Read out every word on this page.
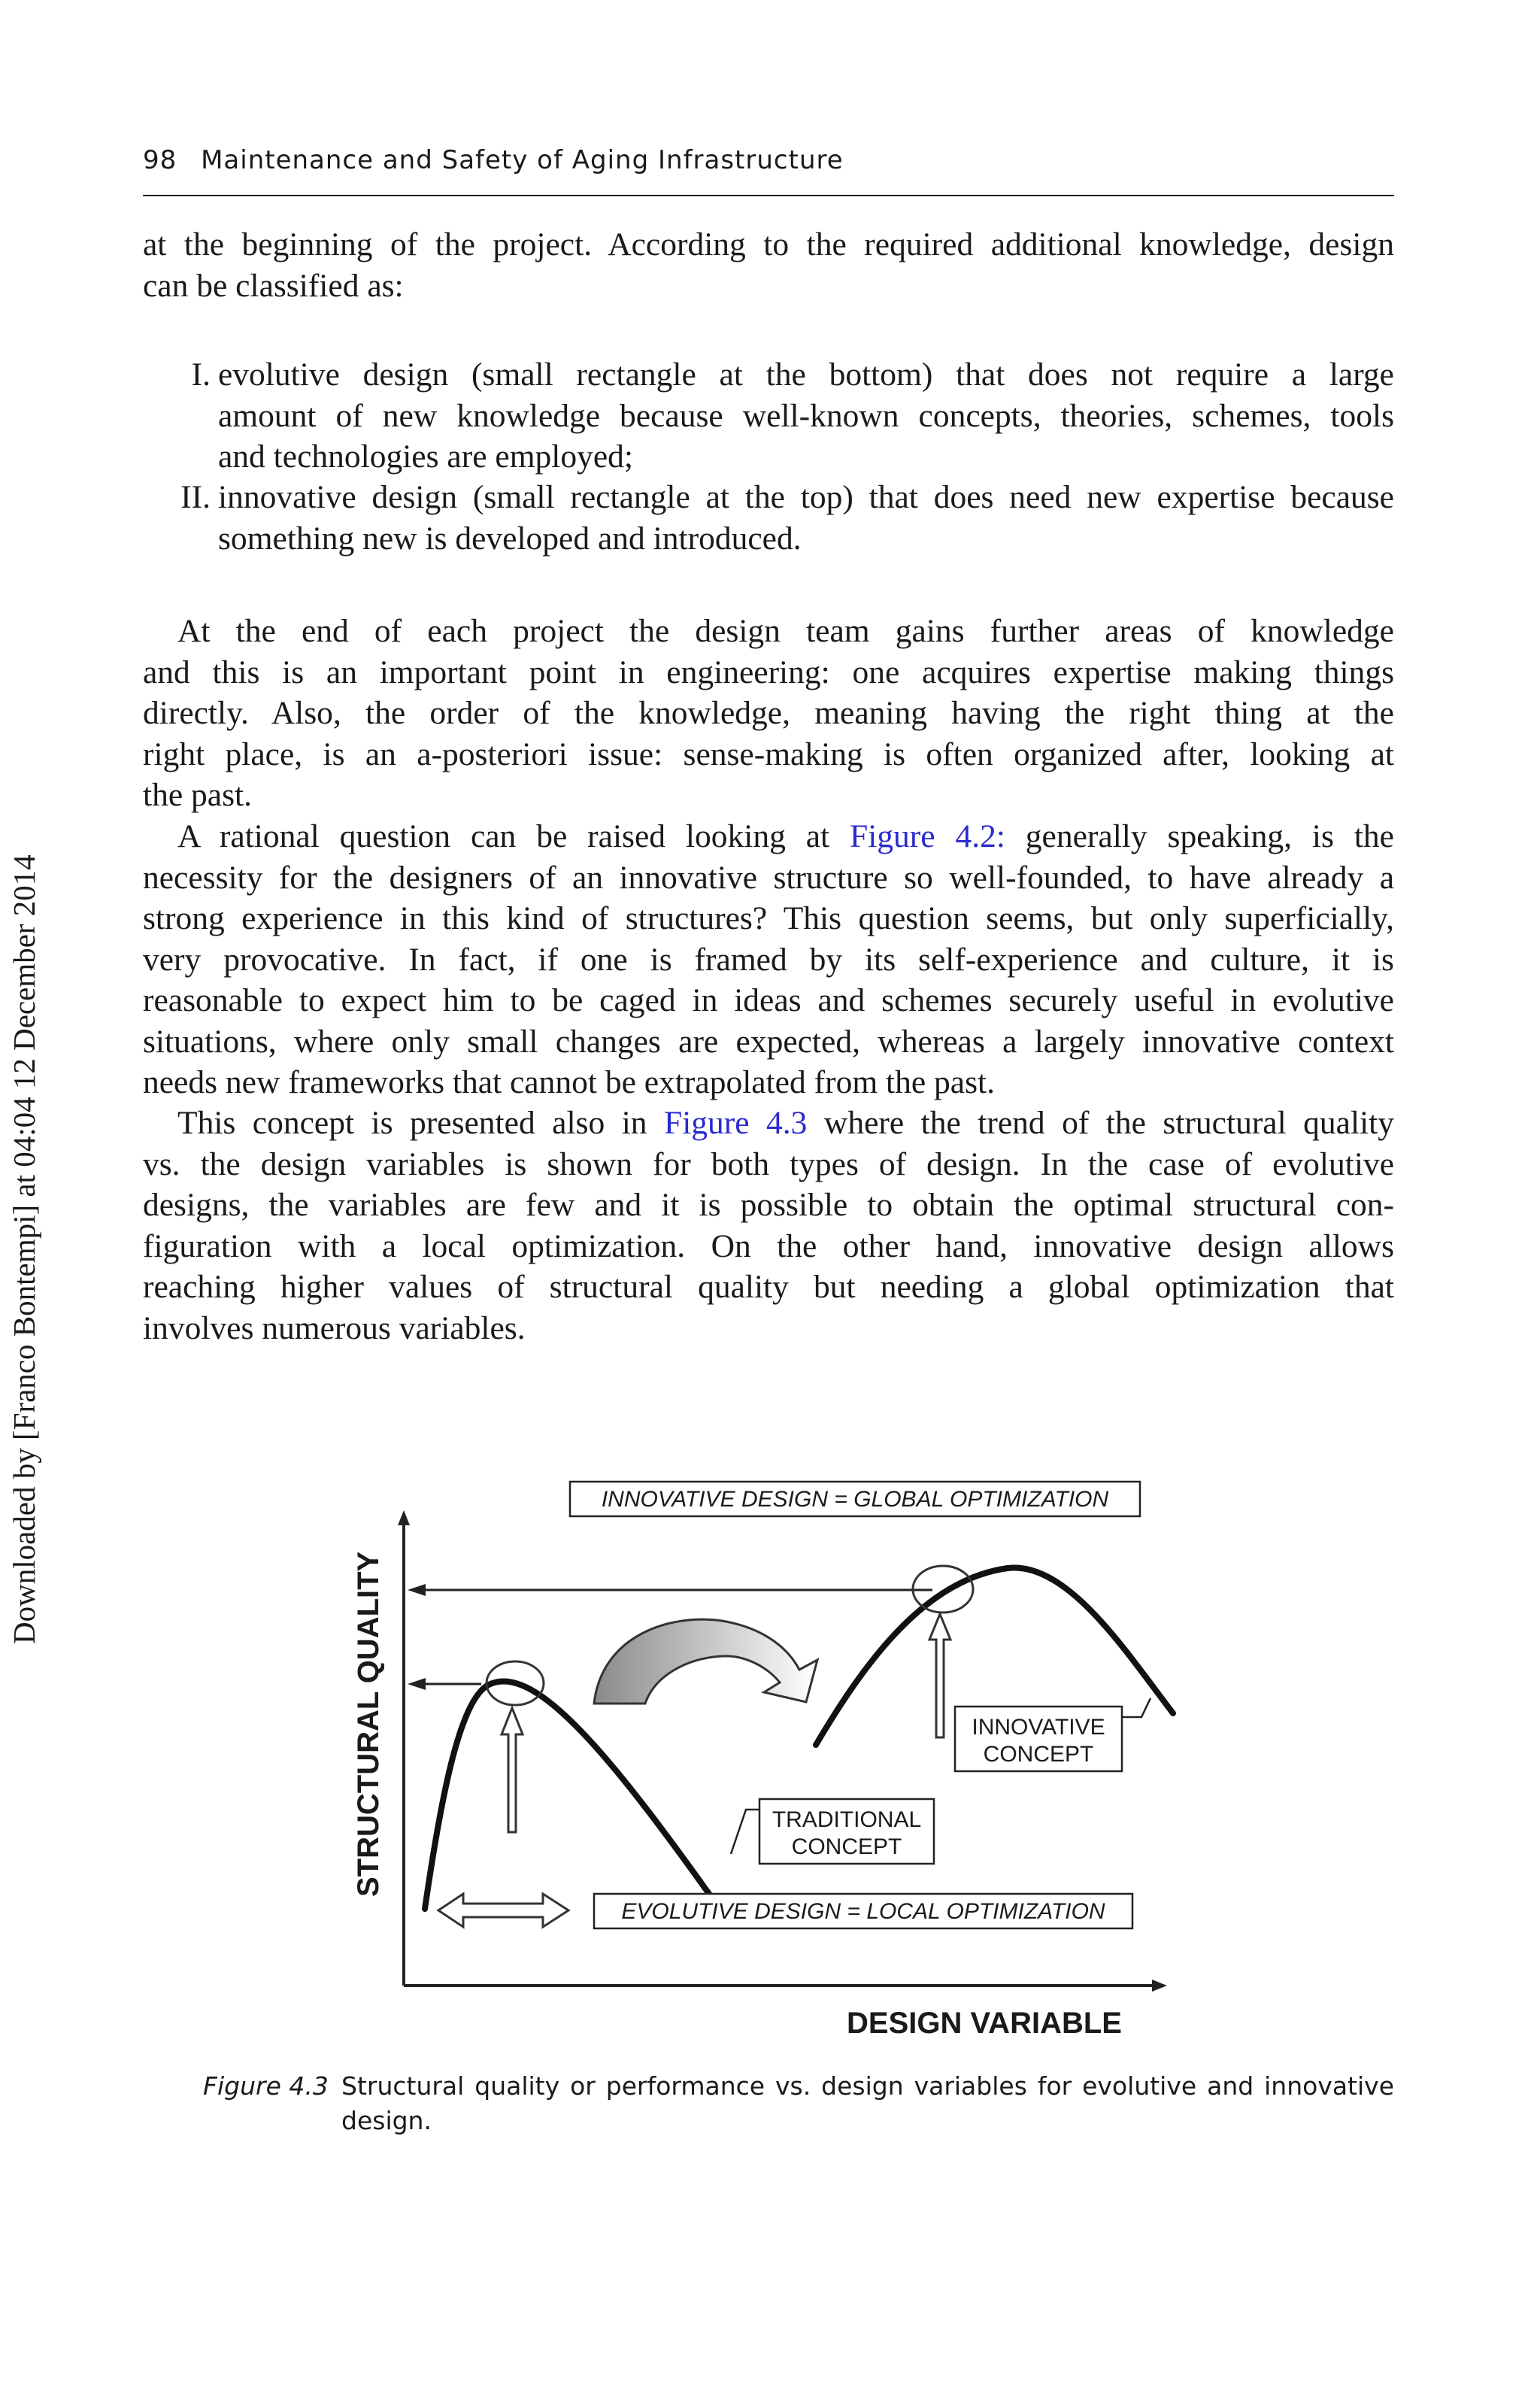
98 Maintenance and Safety of Aging Infrastructure
Downloaded by [Franco Bontempi] at 04:04 12 December 2014
at the beginning of the project. According to the required additional knowledge, design
can be classified as:
I. evolutive design (small rectangle at the bottom) that does not require a large
amount of new knowledge because well-known concepts, theories, schemes, tools
and technologies are employed;
II. innovative design (small rectangle at the top) that does need new expertise because
something new is developed and introduced.
At the end of each project the design team gains further areas of knowledge
and this is an important point in engineering: one acquires expertise making things
directly. Also, the order of the knowledge, meaning having the right thing at the
right place, is an a-posteriori issue: sense-making is often organized after, looking at
the past.
A rational question can be raised looking at Figure 4.2: generally speaking, is the
necessity for the designers of an innovative structure so well-founded, to have already a
strong experience in this kind of structures? This question seems, but only superficially,
very provocative. In fact, if one is framed by its self-experience and culture, it is
reasonable to expect him to be caged in ideas and schemes securely useful in evolutive
situations, where only small changes are expected, whereas a largely innovative context
needs new frameworks that cannot be extrapolated from the past.
This concept is presented also in Figure 4.3 where the trend of the structural quality
vs. the design variables is shown for both types of design. In the case of evolutive
designs, the variables are few and it is possible to obtain the optimal structural con-
figuration with a local optimization. On the other hand, innovative design allows
reaching higher values of structural quality but needing a global optimization that
involves numerous variables.
STRUCTURAL QUALITY
DESIGN VARIABLE
INNOVATIVE DESIGN = GLOBAL OPTIMIZATION
INNOVATIVE
CONCEPT
TRADITIONAL
CONCEPT
EVOLUTIVE DESIGN = LOCAL OPTIMIZATION
Figure 4.3 Structural quality or performance vs. design variables for evolutive and innovative
design.
